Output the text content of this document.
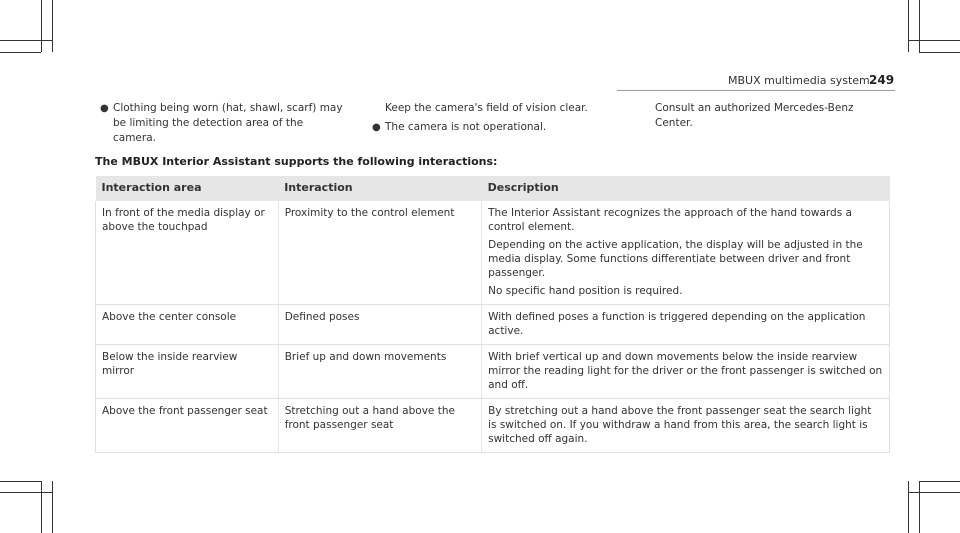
MBUX multimedia system 249
● Clothing being worn (hat, shawl, scarf) may be limiting the detection area of the camera.
Keep the camera's field of vision clear.
● The camera is not operational.
Consult an authorized Mercedes-Benz Center.
The MBUX Interior Assistant supports the following interactions:
Interaction area	Interaction	Description
In front of the media display or above the touchpad	Proximity to the control element	The Interior Assistant recognizes the approach of the hand towards a control element.

Depending on the active application, the display will be adjusted in the media display. Some functions differentiate between driver and front passenger.

No specific hand position is required.

Above the center console	Defined poses	With defined poses a function is triggered depending on the application active.

Below the inside rearview mirror	Brief up and down movements	With brief vertical up and down movements below the inside rearview mirror the reading light for the driver or the front passenger is switched on and off.

Above the front passenger seat	Stretching out a hand above the front passenger seat	By stretching out a hand above the front passenger seat the search light is switched on. If you withdraw a hand from this area, the search light is switched off again.
